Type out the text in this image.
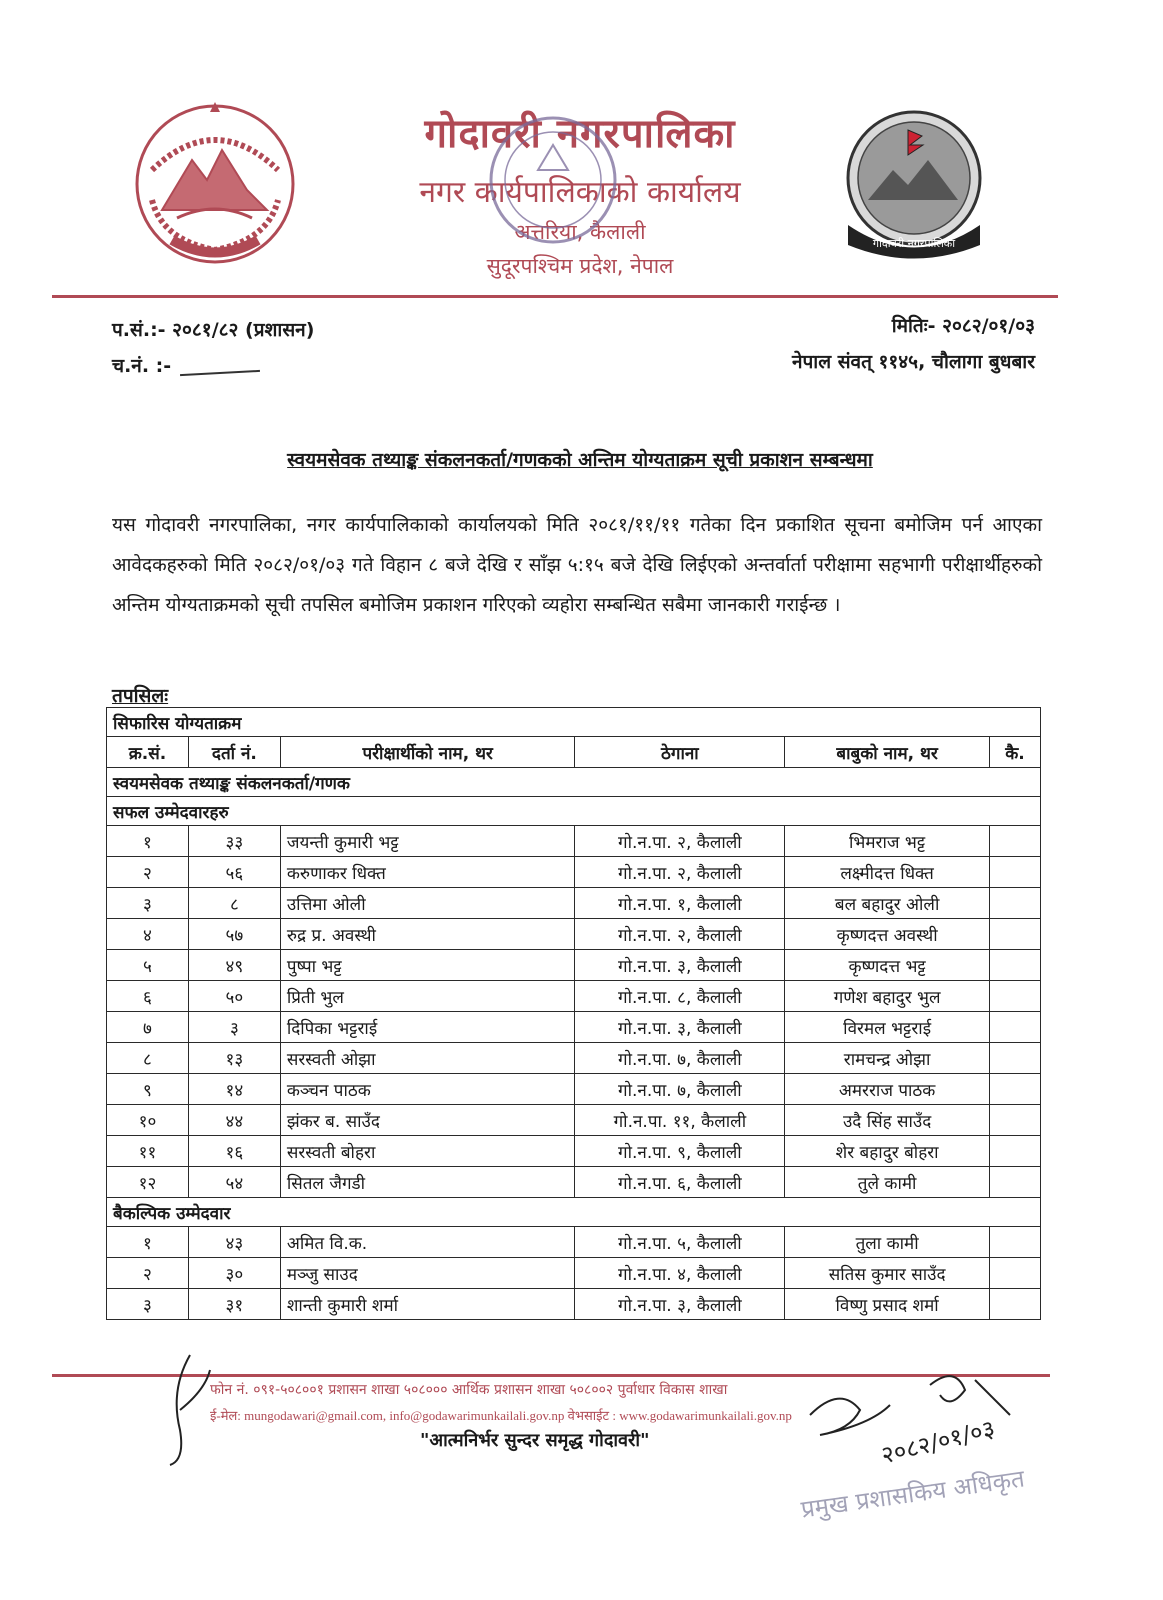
गोदावरी नगरपालिका
नगर कार्यपालिकाको कार्यालय
अत्तरिया, कैलाली
सुदूरपश्चिम प्रदेश, नेपाल
गोदावरी नगरपालिका
प.सं.:- २०८१/८२ (प्रशासन)
च.नं. :-
मितिः- २०८२/०१/०३
नेपाल संवत् ११४५, चौलागा बुधबार
स्वयमसेवक तथ्याङ्क संकलनकर्ता/गणकको अन्तिम योग्यताक्रम सूची प्रकाशन सम्बन्धमा
यस गोदावरी नगरपालिका, नगर कार्यपालिकाको कार्यालयको मिति २०८१/११/११ गतेका दिन प्रकाशित सूचना बमोजिम पर्न आएका आवेदकहरुको मिति २०८२/०१/०३ गते विहान ८ बजे देखि र साँझ ५:१५ बजे देखि लिईएको अन्तर्वार्ता परीक्षामा सहभागी परीक्षार्थीहरुको अन्तिम योग्यताक्रमको सूची तपसिल बमोजिम प्रकाशन गरिएको व्यहोरा सम्बन्धित सबैमा जानकारी गराईन्छ ।
तपसिलः
सिफारिस योग्यताक्रम					
क्र.सं.	दर्ता नं.	परीक्षार्थीको नाम, थर	ठेगाना	बाबुको नाम, थर	कै.
स्वयमसेवक तथ्याङ्क संकलनकर्ता/गणक					
सफल उम्मेदवारहरु					
१	३३	जयन्ती कुमारी भट्ट	गो.न.पा. २, कैलाली	भिमराज भट्ट	
२	५६	करुणाकर धिक्त	गो.न.पा. २, कैलाली	लक्ष्मीदत्त धिक्त	
३	८	उत्तिमा ओली	गो.न.पा. १, कैलाली	बल बहादुर ओली	
४	५७	रुद्र प्र. अवस्थी	गो.न.पा. २, कैलाली	कृष्णदत्त अवस्थी	
५	४९	पुष्पा भट्ट	गो.न.पा. ३, कैलाली	कृष्णदत्त भट्ट	
६	५०	प्रिती भुल	गो.न.पा. ८, कैलाली	गणेश बहादुर भुल	
७	३	दिपिका भट्टराई	गो.न.पा. ३, कैलाली	विरमल भट्टराई	
८	१३	सरस्वती ओझा	गो.न.पा. ७, कैलाली	रामचन्द्र ओझा	
९	१४	कञ्चन पाठक	गो.न.पा. ७, कैलाली	अमरराज पाठक	
१०	४४	झंकर ब. साउँद	गो.न.पा. ११, कैलाली	उदै सिंह साउँद	
११	१६	सरस्वती बोहरा	गो.न.पा. ९, कैलाली	शेर बहादुर बोहरा	
१२	५४	सितल जैगडी	गो.न.पा. ६, कैलाली	तुले कामी	
बैकल्पिक उम्मेदवार					
१	४३	अमित वि.क.	गो.न.पा. ५, कैलाली	तुला कामी	
२	३०	मञ्जु साउद	गो.न.पा. ४, कैलाली	सतिस कुमार साउँद	
३	३१	शान्ती कुमारी शर्मा	गो.न.पा. ३, कैलाली	विष्णु प्रसाद शर्मा	
फोन नं. ०९१-५०८००१ प्रशासन शाखा ५०८००० आर्थिक प्रशासन शाखा ५०८००२ पुर्वाधार विकास शाखा
ई-मेल: mungodawari@gmail.com, info@godawarimunkailali.gov.np वेभसाईट : www.godawarimunkailali.gov.np
"आत्मनिर्भर सुन्दर समृद्ध गोदावरी"	२०८२/०१/०३
प्रमुख प्रशासकिय अधिकृत
